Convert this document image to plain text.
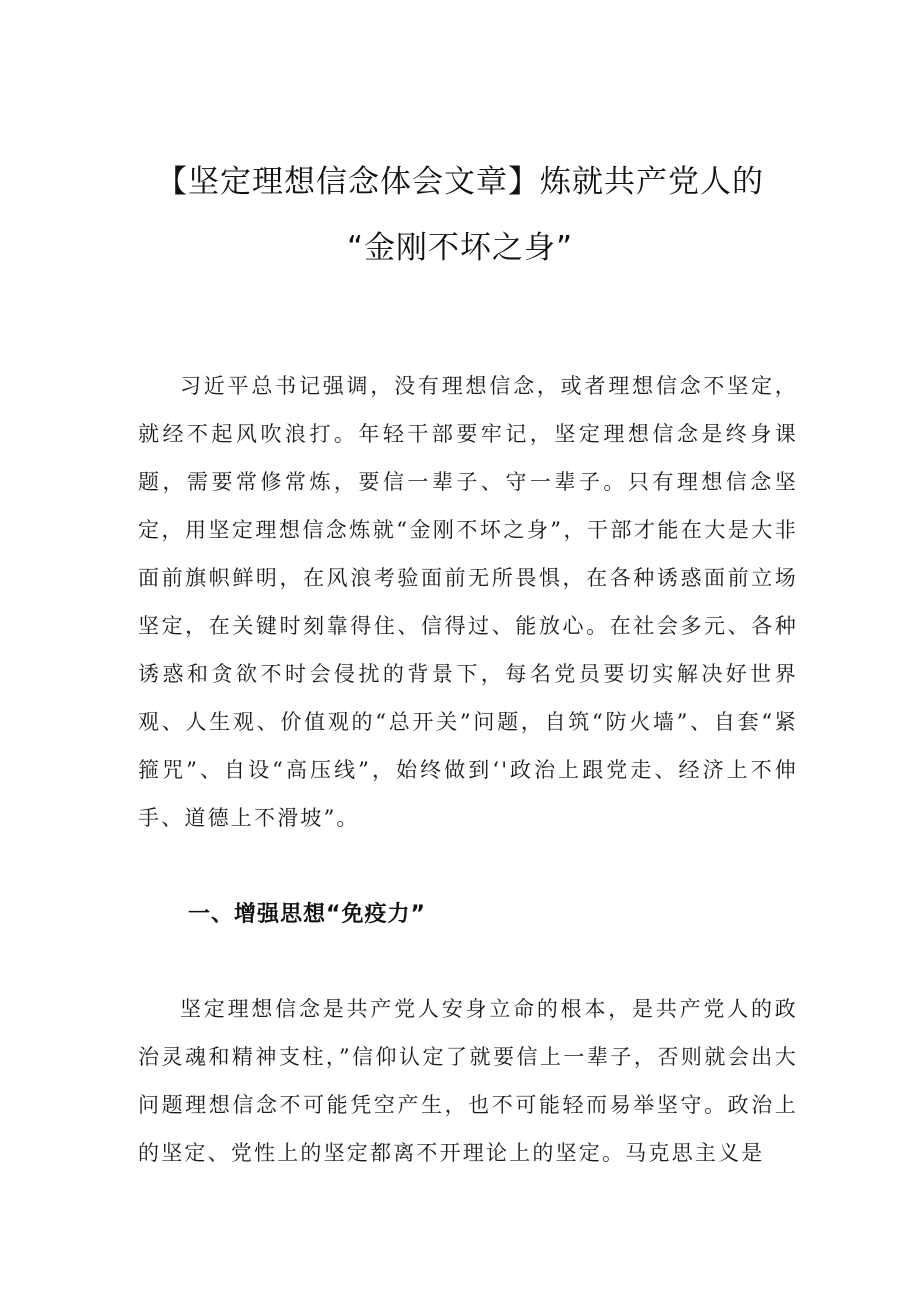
【坚定理想信念体会文章】炼就共产党人的
“金刚不坏之身”

习近平总书记强调，没有理想信念，或者理想信念不坚定，就经不起风吹浪打。年轻干部要牢记，坚定理想信念是终身课题，需要常修常炼，要信一辈子、守一辈子。只有理想信念坚定，用坚定理想信念炼就“金刚不坏之身”，干部才能在大是大非面前旗帜鲜明，在风浪考验面前无所畏惧，在各种诱惑面前立场坚定，在关键时刻靠得住、信得过、能放心。在社会多元、各种诱惑和贪欲不时会侵扰的背景下，每名党员要切实解决好世界观、人生观、价值观的“总开关”问题，自筑“防火墙”、自套“紧箍咒”、自设“高压线”，始终做到‘'政治上跟党走、经济上不伸手、道德上不滑坡”。

一、增强思想“免疫力”

坚定理想信念是共产党人安身立命的根本，是共产党人的政治灵魂和精神支柱，”信仰认定了就要信上一辈子，否则就会出大问题理想信念不可能凭空产生，也不可能轻而易举坚守。政治上的坚定、党性上的坚定都离不开理论上的坚定。马克思主义是
